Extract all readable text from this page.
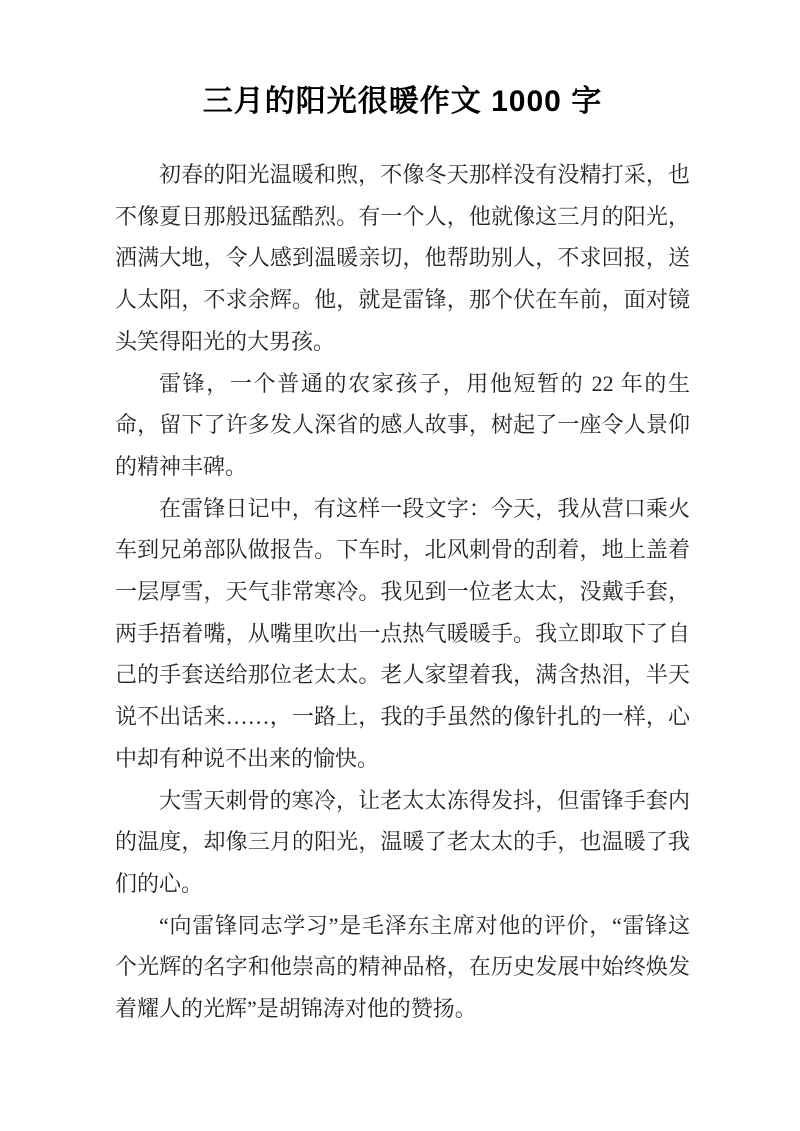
三月的阳光很暖作文 1000 字

初春的阳光温暖和煦，不像冬天那样没有没精打采，也不像夏日那般迅猛酷烈。有一个人，他就像这三月的阳光，洒满大地，令人感到温暖亲切，他帮助别人，不求回报，送人太阳，不求余辉。他，就是雷锋，那个伏在车前，面对镜头笑得阳光的大男孩。

雷锋，一个普通的农家孩子，用他短暂的 22 年的生命，留下了许多发人深省的感人故事，树起了一座令人景仰的精神丰碑。

在雷锋日记中，有这样一段文字：今天，我从营口乘火车到兄弟部队做报告。下车时，北风刺骨的刮着，地上盖着一层厚雪，天气非常寒冷。我见到一位老太太，没戴手套，两手捂着嘴，从嘴里吹出一点热气暖暖手。我立即取下了自己的手套送给那位老太太。老人家望着我，满含热泪，半天说不出话来……，一路上，我的手虽然的像针扎的一样，心中却有种说不出来的愉快。

大雪天刺骨的寒冷，让老太太冻得发抖，但雷锋手套内的温度，却像三月的阳光，温暖了老太太的手，也温暖了我们的心。

“向雷锋同志学习”是毛泽东主席对他的评价，“雷锋这个光辉的名字和他崇高的精神品格，在历史发展中始终焕发着耀人的光辉”是胡锦涛对他的赞扬。
